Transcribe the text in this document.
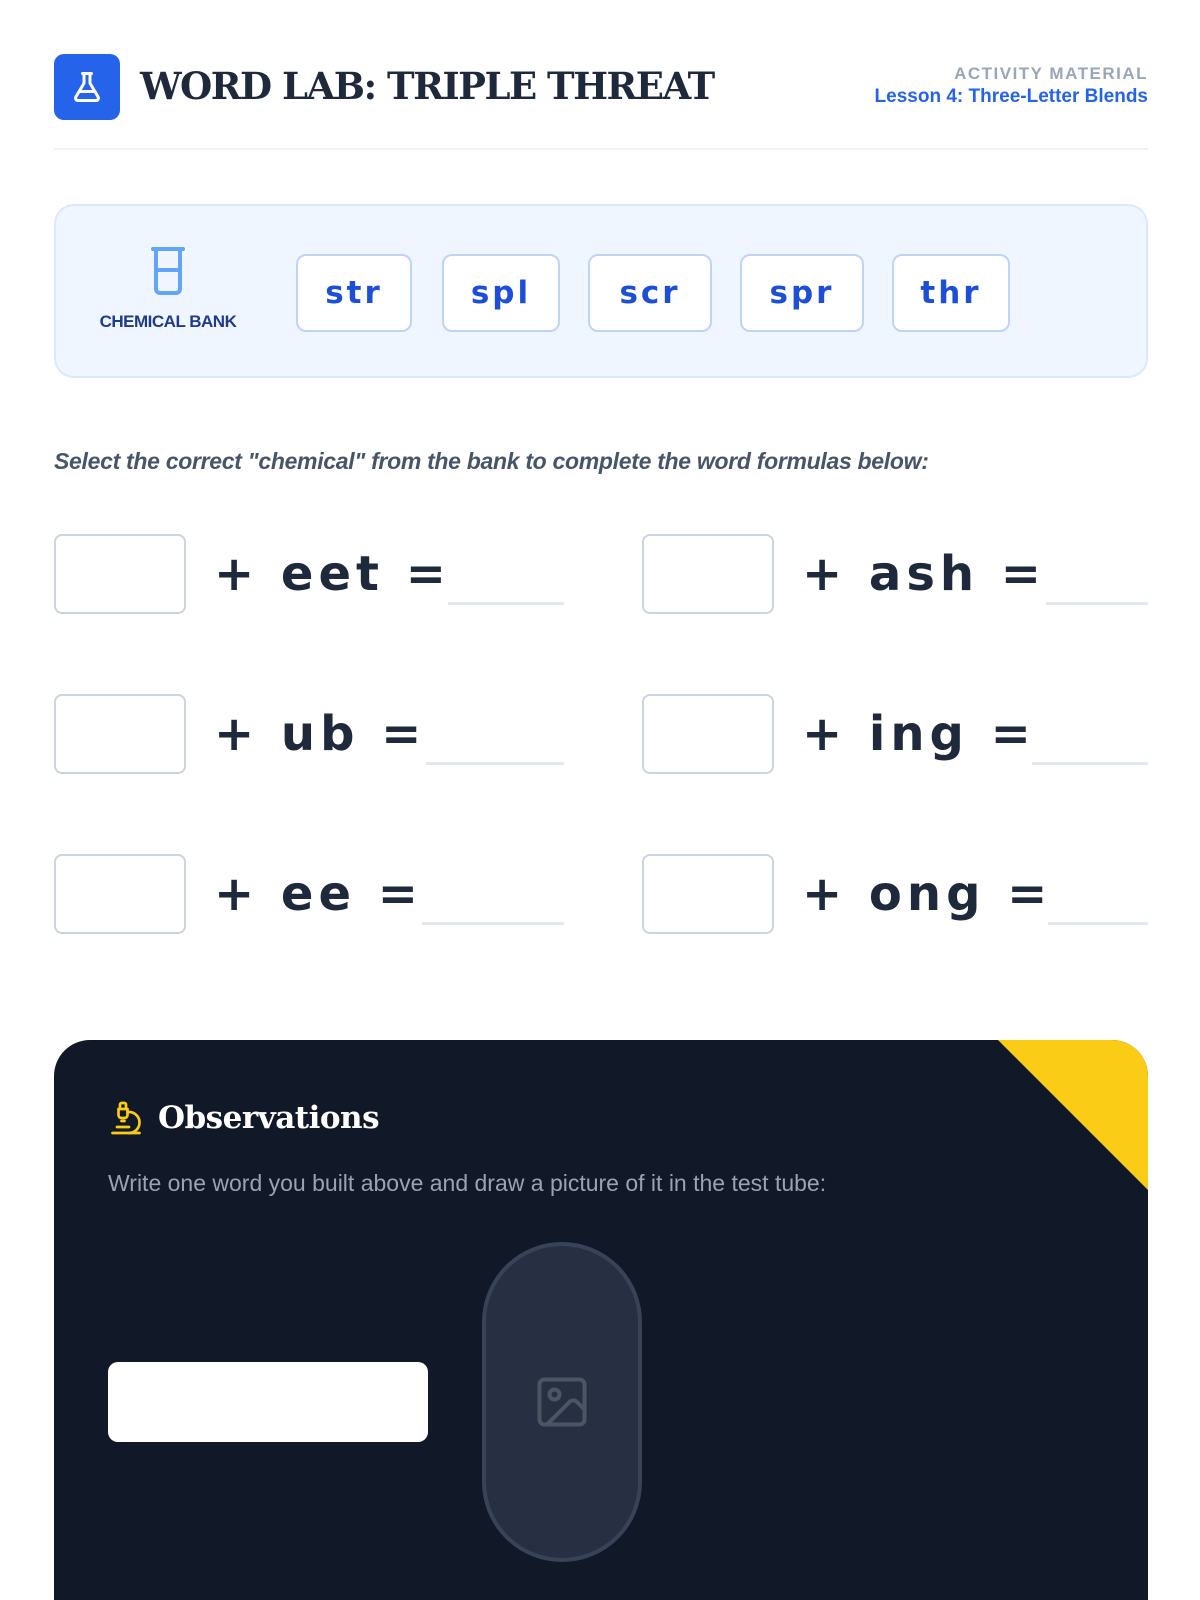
WORD LAB: TRIPLE THREAT	ACTIVITY MATERIAL
Lesson 4: Three-Letter Blends
CHEMICAL BANK
str	spl	scr	spr	thr

Select the correct "chemical" from the bank to complete the word formulas below:

+ eet =	+ ash =
+ ub =	+ ing =
+ ee =	+ ong =
Observations

Write one word you built above and draw a picture of it in the test tube:
